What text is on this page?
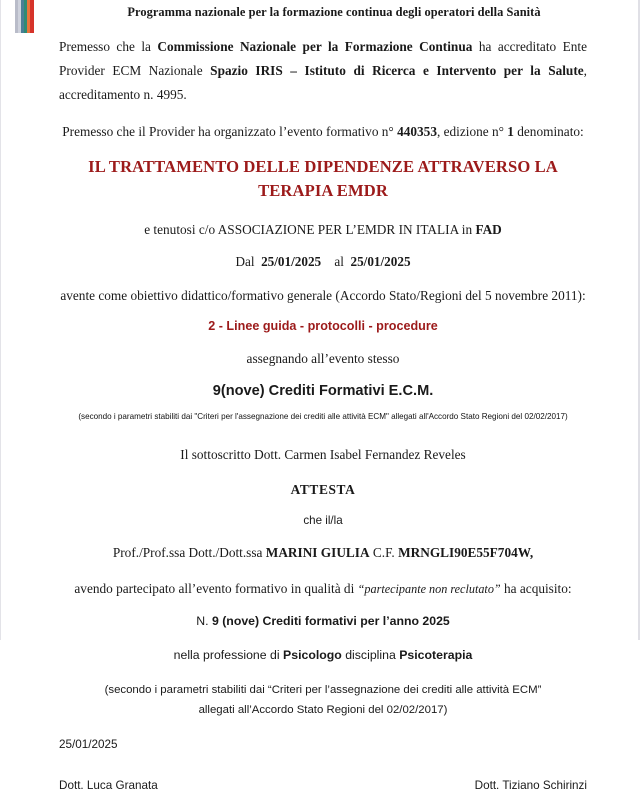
Programma nazionale per la formazione continua degli operatori della Sanità

Premesso che la Commissione Nazionale per la Formazione Continua ha accreditato Ente Provider ECM Nazionale Spazio IRIS – Istituto di Ricerca e Intervento per la Salute, accreditamento n. 4995.

Premesso che il Provider ha organizzato l’evento formativo n° 440353, edizione n° 1 denominato:

IL TRATTAMENTO DELLE DIPENDENZE ATTRAVERSO LA TERAPIA EMDR
e tenutosi c/o ASSOCIAZIONE PER L’EMDR IN ITALIA in FAD
Dal 25/01/2025 al 25/01/2025
avente come obiettivo didattico/formativo generale (Accordo Stato/Regioni del 5 novembre 2011):
2 - Linee guida - protocolli - procedure
assegnando all’evento stesso
9(nove) Crediti Formativi E.C.M.
(secondo i parametri stabiliti dai "Criteri per l'assegnazione dei crediti alle attività ECM" allegati all'Accordo Stato Regioni del 02/02/2017)
Il sottoscritto Dott. Carmen Isabel Fernandez Reveles
ATTESTA
che il/la
Prof./Prof.ssa Dott./Dott.ssa MARINI GIULIA C.F. MRNGLI90E55F704W,
avendo partecipato all’evento formativo in qualità di “partecipante non reclutato” ha acquisito:
N. 9 (nove) Crediti formativi per l’anno 2025
nella professione di Psicologo disciplina Psicoterapia
(secondo i parametri stabiliti dai “Criteri per l’assegnazione dei crediti alle attività ECM”
allegati all’Accordo Stato Regioni del 02/02/2017)
25/01/2025
Dott. Luca Granata	Dott. Tiziano Schirinzi
